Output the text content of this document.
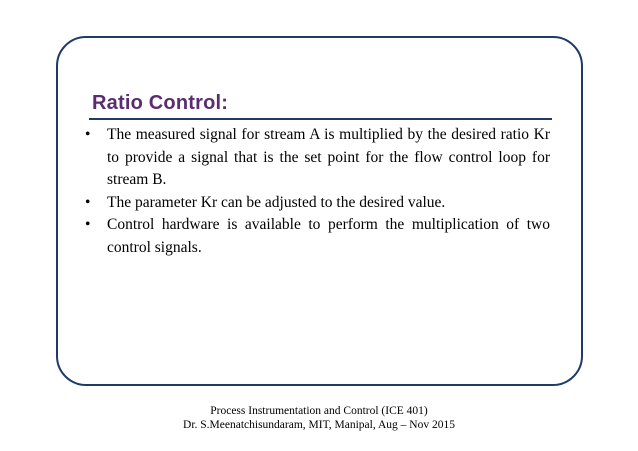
Ratio Control:
• The measured signal for stream A is multiplied by the desired ratio Kr to provide a signal that is the set point for the flow control loop for stream B.
• The parameter Kr can be adjusted to the desired value.
• Control hardware is available to perform the multiplication of two control signals.
Process Instrumentation and Control (ICE 401)
Dr. S.Meenatchisundaram, MIT, Manipal, Aug – Nov 2015
